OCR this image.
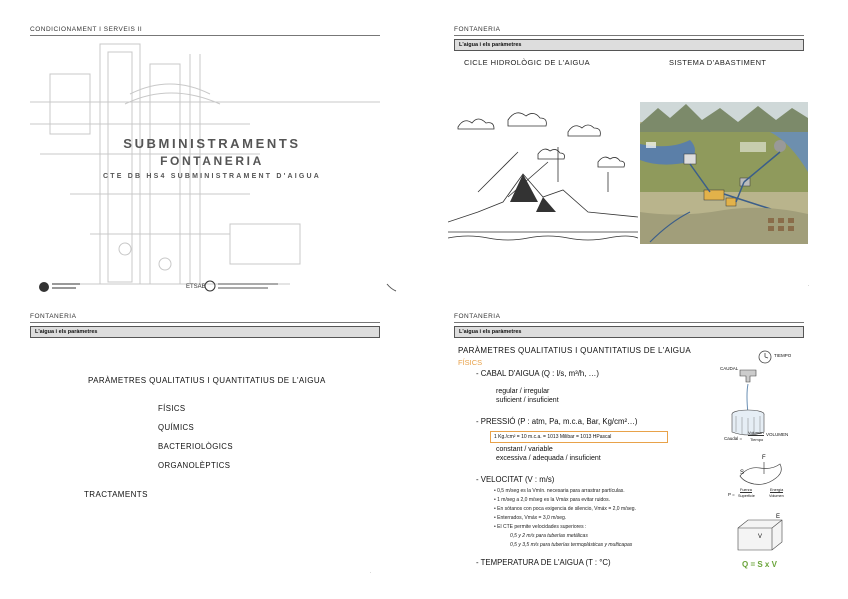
CONDICIONAMENT I SERVEIS II
SUBMINISTRAMENTS
FONTANERIA
CTE DB HS4 SUBMINISTRAMENT D'AIGUA
ETSAB
FONTANERIA
L'aigua i els paràmetres
CICLE HIDROLÒGIC DE L'AIGUA	SISTEMA D'ABASTIMENT
·
FONTANERIA
L'aigua i els paràmetres
PARÀMETRES QUALITATIUS I QUANTITATIUS DE L'AIGUA
FÍSICS
QUÍMICS
BACTERIOLÒGICS
ORGANOLÈPTICS
TRACTAMENTS
·
FONTANERIA
L'aigua i els paràmetres
PARÀMETRES QUALITATIUS I QUANTITATIUS DE L'AIGUA
FÍSICS
- CABAL D'AIGUA (Q : l/s, m³/h, …)
regular / irregular
suficient / insuficient
- PRESSIÓ (P : atm, Pa, m.c.a, Bar, Kg/cm²…)
1 Kg./cm² = 10 m.c.a. = 1013 Milibar = 1013 HPascal
constant / variable
excessiva / adequada / insuficient
- VELOCITAT (V : m/s)
• 0,5 m/seg es la Vmín. necesaria para arrastrar partículas.
• 1 m/seg a 2,0 m/seg es la Vmáx para evitar ruidos.
• En sótanos con poca exigencia de silencio, Vmáx = 2,0 m/seg.
• Enterrados, Vmáx = 3,0 m/seg.
• El CTE permite velocidades superiores :
0,5 y 2 m/s para tuberías metálicas
0,5 y 3,5 m/s para tuberías termoplásticas y multicapas
- TEMPERATURA DE L'AIGUA (T : °C)
TIEMPO
CAUDAL
VOLUMEN
Caudal =
Volumen
Tiempo
F
S
P =
Fuerza
Superficie
Energía
Volumen
E
V
Q = S x V
